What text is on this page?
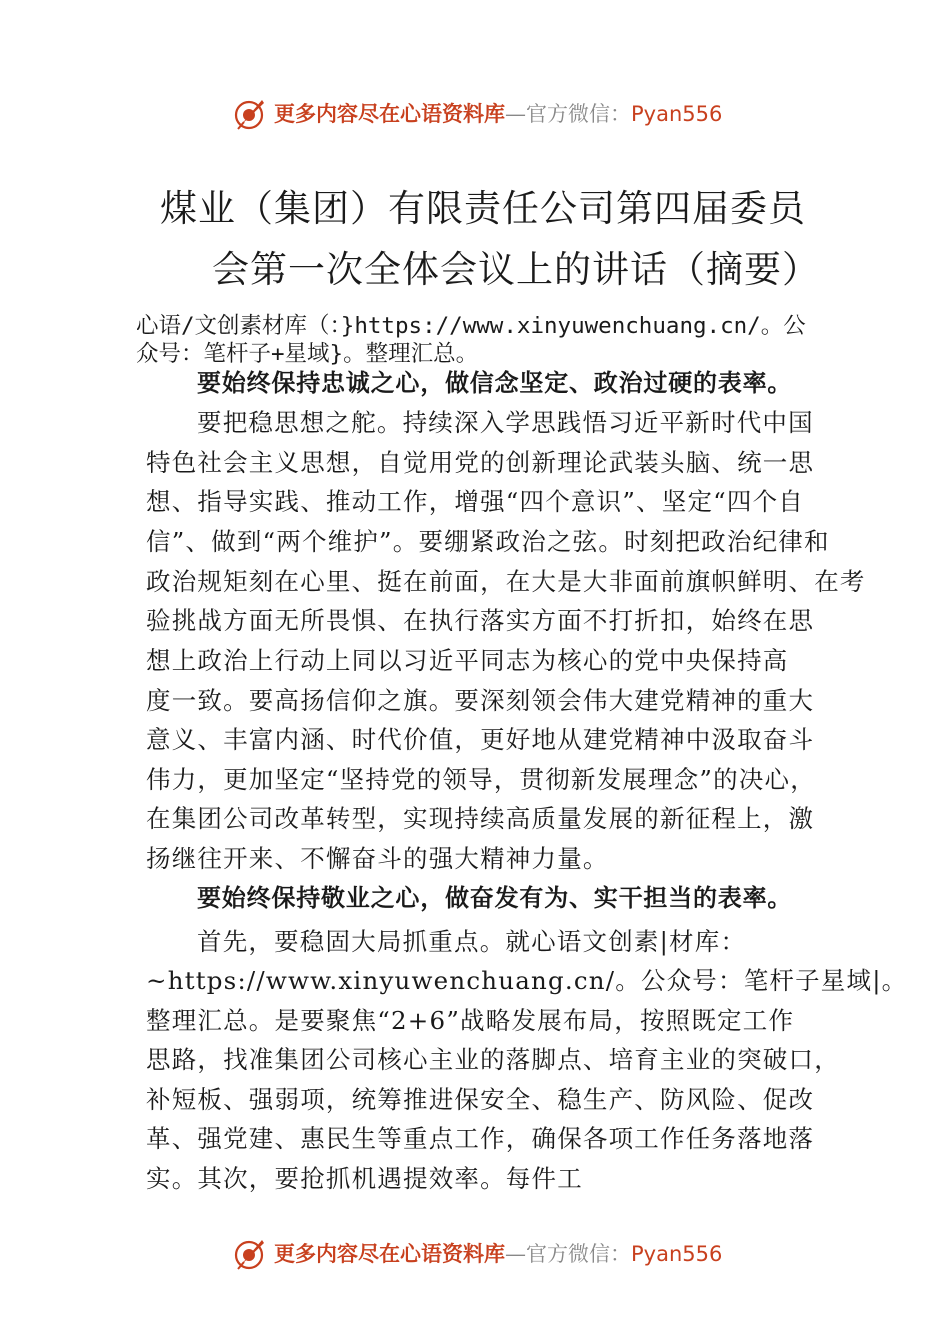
更多内容尽在心语资料库—官方微信：Pyan556
煤业（集团）有限责任公司第四届委员
会第一次全体会议上的讲话（摘要）
心语/文创素材库（：}https://www.xinyuwenchuang.cn/。公
众号：笔杆子+星域}。整理汇总。
要始终保持忠诚之心，做信念坚定、政治过硬的表率。
要把稳思想之舵。持续深入学思践悟习近平新时代中国
特色社会主义思想，自觉用党的创新理论武装头脑、统一思
想、指导实践、推动工作，增强“四个意识”、坚定“四个自
信”、做到“两个维护”。要绷紧政治之弦。时刻把政治纪律和
政治规矩刻在心里、挺在前面，在大是大非面前旗帜鲜明、在考
验挑战方面无所畏惧、在执行落实方面不打折扣，始终在思
想上政治上行动上同以习近平同志为核心的党中央保持高
度一致。要高扬信仰之旗。要深刻领会伟大建党精神的重大
意义、丰富内涵、时代价值，更好地从建党精神中汲取奋斗
伟力，更加坚定“坚持党的领导，贯彻新发展理念”的决心，
在集团公司改革转型，实现持续高质量发展的新征程上，激
扬继往开来、不懈奋斗的强大精神力量。
要始终保持敬业之心，做奋发有为、实干担当的表率。
首先，要稳固大局抓重点。就心语文创素|材库：
~https://www.xinyuwenchuang.cn/。公众号：笔杆子星域|。
整理汇总。是要聚焦“2+6”战略发展布局，按照既定工作
思路，找准集团公司核心主业的落脚点、培育主业的突破口，
补短板、强弱项，统筹推进保安全、稳生产、防风险、促改
革、强党建、惠民生等重点工作，确保各项工作任务落地落
实。其次，要抢抓机遇提效率。每件工
更多内容尽在心语资料库—官方微信：Pyan556
